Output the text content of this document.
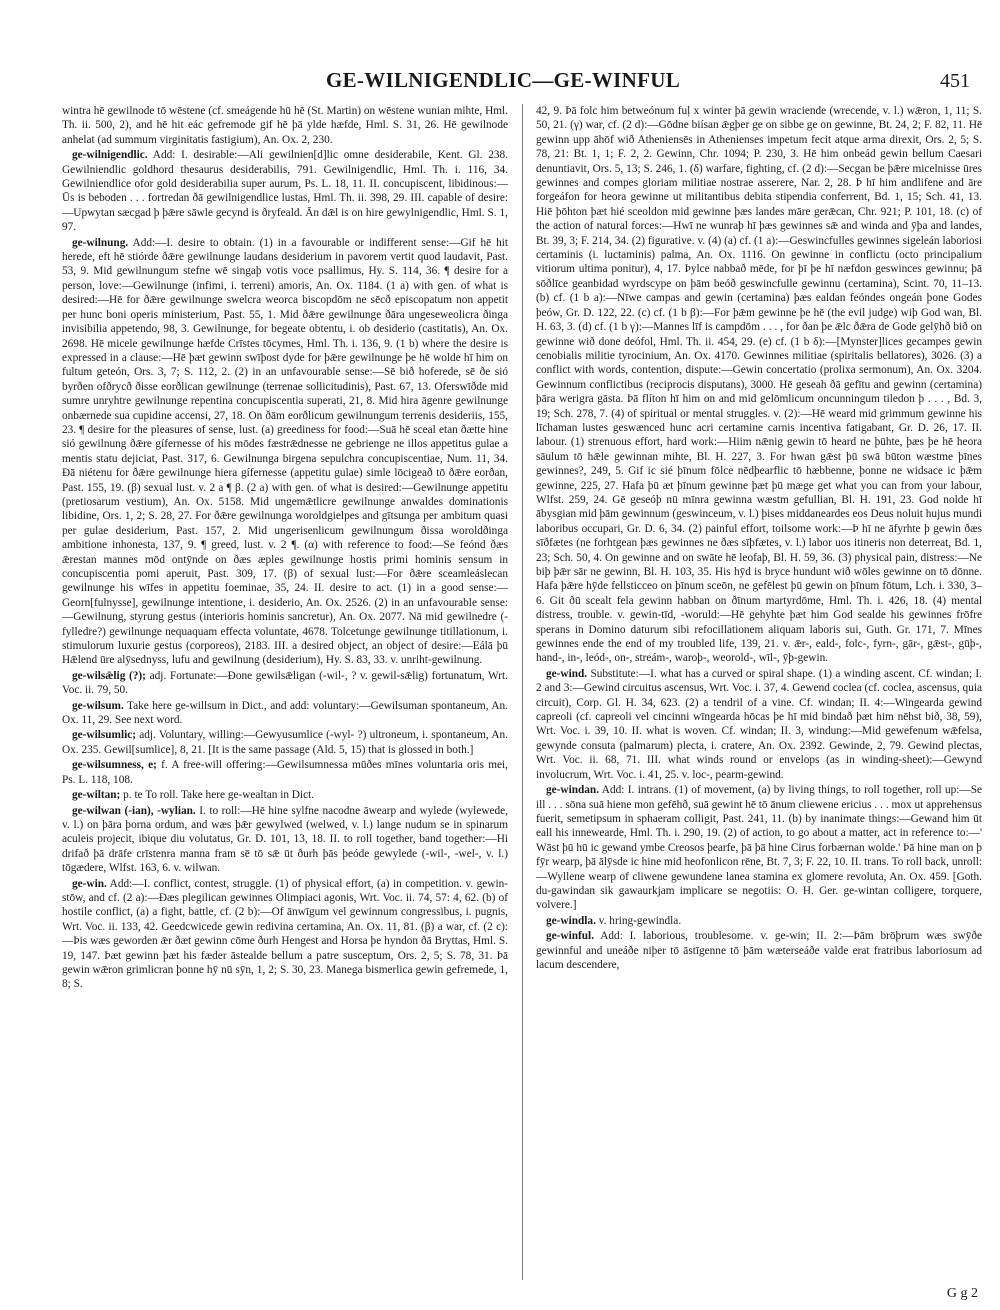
GE-WILNIGENDLIC—GE-WINFUL	451

wintra hē gewilnode tō wēstene (cf. smeágende hū hē (St. Martin) on wēstene wunian mihte, Hml. Th. ii. 500, 2), and hē hit eác gefremode gif hē þā ylde hæfde, Hml. S. 31, 26. Hē gewilnode anhelat (ad summum virginitatis fastigium), An. Ox. 2, 230.

ge-wilnigendlic. Add: I. desirable:—Ali gewilnien[d]lic omne desiderabile, Kent. Gl. 238. Gewilniendlic goldhord thesaurus desiderabilis, 791. Gewilnigendlic, Hml. Th. i. 116, 34. Gewilniendlice ofor gold desiderabilia super aurum, Ps. L. 18, 11. II. concupiscent, libidinous:—Ūs is beboden . . . fortredan ðā gewilnigendlice lustas, Hml. Th. ii. 398, 29. III. capable of desire:—Upwytan sæcgad þ þǣre sāwle gecynd is ðryfeald. Ān dǣl is on hire gewylnigendlic, Hml. S. 1, 97.

ge-wilnung. Add:—I. desire to obtain. (1) in a favourable or indifferent sense:—Gif hē hit herede, eft hē stiórde ðǣre gewilnunge laudans desiderium in pavorem vertit quod laudavit, Past. 53, 9. Mid gewilnungum stefne wē singaþ votis voce psallimus, Hy. S. 114, 36. ¶ desire for a person, love:—Gewilnunge (infimi, i. terreni) amoris, An. Ox. 1184. (1 a) with gen. of what is desired:—Hē for ðǣre gewilnunge swelcra weorca biscopdōm ne sēcð episcopatum non appetit per hunc boni operis ministerium, Past. 55, 1. Mid ðǣre gewilnunge ðāra ungeseweolicra ðinga invisibilia appetendo, 98, 3. Gewilnunge, for begeate obtentu, i. ob desiderio (castitatis), An. Ox. 2698. Hē micele gewilnunge hæfde Crīstes tōcymes, Hml. Th. i. 136, 9. (1 b) where the desire is expressed in a clause:—Hē þæt gewinn swīþost dyde for þǣre gewilnunge þe hē wolde hī him on fultum geteón, Ors. 3, 7; S. 112, 2. (2) in an unfavourable sense:—Sē bið hoferede, sē ðe sió byrðen ofðrycð ðisse eorðlican gewilnunge (terrenae sollicitudinis), Past. 67, 13. Oferswīðde mid sumre unryhtre gewilnunge repentina concupiscentia superati, 21, 8. Mid hira āgenre gewilnunge onbærnede sua cupidine accensi, 27, 18. On ðām eorðlicum gewilnungum terrenis desideriis, 155, 23. ¶ desire for the pleasures of sense, lust. (a) greediness for food:—Suā hē sceal etan ðætte hine sió gewilnung ðǣre gífernesse of his mōdes fæstrǣdnesse ne gebrienge ne illos appetitus gulae a mentis statu dejiciat, Past. 317, 6. Gewilnunga birgena sepulchra concupiscentiae, Num. 11, 34. Ðā niétenu for ðǣre gewilnunge hiera gífernesse (appetitu gulae) simle lōcigeað tō ðǣre eorðan, Past. 155, 19. (β) sexual lust. v. 2 a ¶ β. (2 a) with gen. of what is desired:—Gewilnunge appetitu (pretiosarum vestium), An. Ox. 5158. Mid ungemǣtlicre gewilnunge anwaldes dominationis libidine, Ors. 1, 2; S. 28, 27. For ðǣre gewilnunga woroldgielpes and gītsunga per ambitum quasi per gulae desiderium, Past. 157, 2. Mid ungerisenlicum gewilnungum ðissa woroldðinga ambitione inhonesta, 137, 9. ¶ greed, lust. v. 2 ¶. (α) with reference to food:—Se feónd ðæs ǣrestan mannes mōd ontȳnde on ðæs æples gewilnunge hostis primi hominis sensum in concupiscentia pomi aperuit, Past. 309, 17. (β) of sexual lust:—For ðǣre sceamleáslecan gewilnunge his wīfes in appetitu foeminae, 35, 24. II. desire to act. (1) in a good sense:—Georn[fulnysse], gewilnunge intentione, i. desiderio, An. Ox. 2526. (2) in an unfavourable sense:—Gewilnung, styrung gestus (interioris hominis sancretur), An. Ox. 2077. Nā mid gewilnedre (-fylledre?) gewilnunge nequaquam effecta voluntate, 4678. Tolcetunge gewilnunge titillationum, i. stimulorum luxurie gestus (corporeos), 2183. III. a desired object, an object of desire:—Eálā þū Hǣlend ūre alȳsednyss, lufu and gewilnung (desiderium), Hy. S. 83, 33. v. unriht-gewilnung.

ge-wilsǣlig (?); adj. Fortunate:—Đone gewilsǣligan (-wil-, ? v. gewil-sǣlig) fortunatum, Wrt. Voc. ii. 79, 50.

ge-wilsum. Take here ge-willsum in Dict., and add: voluntary:—Gewilsuman spontaneum, An. Ox. 11, 29. See next word.

ge-wilsumlic; adj. Voluntary, willing:—Gewyusumlice (-wyl- ?) ultroneum, i. spontaneum, An. Ox. 235. Gewil[sumlice], 8, 21. [It is the same passage (Ald. 5, 15) that is glossed in both.]

ge-wilsumness, e; f. A free-will offering:—Gewilsumnessa mūðes mīnes voluntaria oris mei, Ps. L. 118, 108.

ge-wiltan; p. te To roll. Take here ge-wealtan in Dict.

ge-wilwan (-ian), -wylian. I. to roll:—Hē hine sylfne nacodne āwearp and wylede (wylewede, v. l.) on þāra þorna ordum, and wæs þǣr gewylwed (welwed, v. l.) lange nudum se in spinarum aculeis projecit, ibique diu volutatus, Gr. D. 101, 13, 18. II. to roll together, band together:—Hi drifað þā drāfe crīstenra manna fram sē tō sǣ ūt ðurh þās þeóde gewylede (-wil-, -wel-, v. l.) tōgædere, Wlfst. 163, 6. v. wilwan.

ge-win. Add:—I. conflict, contest, struggle. (1) of physical effort, (a) in competition. v. gewin-stōw, and cf. (2 a):—Đæs plegilican gewinnes Olimpiaci agonis, Wrt. Voc. ii. 74, 57: 4, 62. (b) of hostile conflict, (a) a fight, battle, cf. (2 b):—Of ānwīgum vel gewinnum congressibus, i. pugnis, Wrt. Voc. ii. 133, 42. Geedcwicede gewin redivina certamina, An. Ox. 11, 81. (β) a war, cf. (2 c):—Þis wæs geworden ǣr ðæt gewinn cōme ðurh Hengest and Horsa þe hyndon ðā Bryttas, Hml. S. 19, 147. Þæt gewinn þæt his fæder āstealde bellum a patre susceptum, Ors. 2, 5; S. 78, 31. Þā gewin wǣron grimlicran þonne hȳ nū sȳn, 1, 2; S. 30, 23. Manega bismerlica gewin gefremede, 1, 8; S.

42, 9. Þā folc him betweónum fuļ x winter þā gewin wraciende (wrecende, v. l.) wǣron, 1, 11; S. 50, 21. (γ) war, cf. (2 d):—Gōdne biísan ǣgþer ge on sibbe ge on gewinne, Bt. 24, 2; F. 82, 11. Hē gewinn upp āhōf wið Atheniensēs in Athenienses impetum fecit atque arma direxit, Ors. 2, 5; S. 78, 21: Bt. 1, 1; F. 2, 2. Gewinn, Chr. 1094; P. 230, 3. Hē him onbeád gewin bellum Caesari denuntiavit, Ors. 5, 13; S. 246, 1. (δ) warfare, fighting, cf. (2 d):—Secgan be þǣre micelnisse ūres gewinnes and compes gloriam militiae nostrae asserere, Nar. 2, 28. Þ hī him andlifene and āre forgeáfon for heora gewinne ut militantibus debita stipendia conferrent, Bd. 1, 15; Sch. 41, 13. Hiē þōhton þæt hié sceoldon mid gewinne þæs landes māre gerǣcan, Chr. 921; P. 101, 18. (c) of the action of natural forces:—Hwī ne wunraþ hī þæs gewinnes sǣ and winda and ȳþa and landes, Bt. 39, 3; F. 214, 34. (2) figurative. v. (4) (a) cf. (1 a):—Geswincfulles gewinnes sigeleán laboriosi certaminis (i. luctaminis) palma, An. Ox. 1116. On gewinne in conflictu (octo principalium vitiorum ultima ponitur), 4, 17. Þylce nabbað mēde, for þī þe hī næfdon geswinces gewinnu; þā sōðlīce geanbidad wyrdscype on þām beóð geswincfulle gewinnu (certamina), Scint. 70, 11–13. (b) cf. (1 b a):—Nīwe campas and gewin (certamina) þæs ealdan feóndes ongeán þone Godes þeów, Gr. D. 122, 22. (c) cf. (1 b β):—For þǣm gewinne þe hē (the evil judge) wiþ God wan, Bl. H. 63, 3. (d) cf. (1 b γ):—Mannes līf is campdōm . . . , for ðan þe ǣlc ðǣra de Gode gelȳhð bið on gewinne wið done deófol, Hml. Th. ii. 454, 29. (e) cf. (1 b δ):—[Mynster]lices gecampes gewin cenobialis militie tyrocinium, An. Ox. 4170. Gewinnes militiae (spiritalis bellatores), 3026. (3) a conflict with words, contention, dispute:—Gewin concertatio (prolixa sermonum), An. Ox. 3204. Gewinnum conflictibus (reciprocis disputans), 3000. Hē geseah ðā gefītu and gewinn (certamina) þāra werigra gāsta. Þā flíton hī him on and mid gelōmlicum oncunningum tiledon þ . . . , Bd. 3, 19; Sch. 278, 7. (4) of spiritual or mental struggles. v. (2):—Hē weard mid grimmum gewinne his līchaman lustes geswænced hunc acri certamine carnis incentiva fatigabant, Gr. D. 26, 17. II. labour. (1) strenuous effort, hard work:—Hiim nǣnig gewin tō heard ne þūhte, þæs þe hē heora sāulum tō hǣle gewinnan mihte, Bl. H. 227, 3. For hwan gǣst þū swā būton wæstme þīnes gewinnes?, 249, 5. Gif ic sié þīnum fōlce nēdþearflic tō hæbbenne, þonne ne widsace ic þǣm gewinne, 225, 27. Hafa þū æt þīnum gewinne þæt þū mæge get what you can from your labour, Wlfst. 259, 24. Gē geseóþ nū mīnra gewinna wæstm gefullian, Bl. H. 191, 23. God nolde hī ābysgian mid þām gewinnum (geswinceum, v. l.) þises middaneardes eos Deus noluit hujus mundi laboribus occupari, Gr. D. 6, 34. (2) painful effort, toilsome work:—Þ hī ne āfyrhte þ gewin ðæs sīðfætes (ne forhtgean þæs gewinnes ne ðæs sīþfætes, v. l.) labor uos itineris non deterreat, Bd. 1, 23; Sch. 50, 4. On gewinne and on swāte hē leofaþ, Bl. H. 59, 36. (3) physical pain, distress:—Ne biþ þǣr sār ne gewinn, Bl. H. 103, 35. His hȳd is bryce hundunt wið wōles gewinne on tō dōnne. Hafa þǣre hȳde fellsticceo on þīnum sceōn, ne gefēlest þū gewin on þīnum fōtum, Lch. i. 330, 3–6. Git ðū scealt fela gewinn habban on ðīnum martyrdōme, Hml. Th. i. 426, 18. (4) mental distress, trouble. v. gewin-tīd, -woruld:—Hē gehyhte þæt him God sealde his gewinnes frōfre sperans in Domino daturum sibi refocillationem aliquam laboris sui, Guth. Gr. 171, 7. Mīnes gewinnes ende the end of my troubled life, 139, 21. v. ǣr-, eald-, folc-, fyrn-, gār-, gǣst-, gūþ-, hand-, in-, leód-, on-, streám-, waroþ-, weorold-, wīl-, ȳþ-gewin.

ge-wind. Substitute:—I. what has a curved or spiral shape. (1) a winding ascent. Cf. windan; I. 2 and 3:—Gewind circuitus ascensus, Wrt. Voc. i. 37, 4. Gewend coclea (cf. coclea, ascensus, quia circuit), Corp. Gl. H. 34, 623. (2) a tendril of a vine. Cf. windan; II. 4:—Wingearda gewind capreoli (cf. capreoli vel cincinni wīngearda hōcas þe hī mid bindað þæt him nēhst bið, 38, 59), Wrt. Voc. i. 39, 10. II. what is woven. Cf. windan; II. 3, windung:—Mid gewefenum wǣfelsa, gewynde consuta (palmarum) plecta, i. cratere, An. Ox. 2392. Gewinde, 2, 79. Gewind plectas, Wrt. Voc. ii. 68, 71. III. what winds round or envelops (as in winding-sheet):—Gewynd involucrum, Wrt. Voc. i. 41, 25. v. loc-, pearm-gewind.

ge-windan. Add: I. intrans. (1) of movement, (a) by living things, to roll together, roll up:—Se ill . . . sōna suā hiene mon gefēhð, suā gewint hē tō ānum cliewene ericius . . . mox ut apprehensus fuerit, semetipsum in sphaeram colligit, Past. 241, 11. (b) by inanimate things:—Gewand him ūt eall his inneweardе, Hml. Th. i. 290, 19. (2) of action, to go about a matter, act in reference to:—' Wāst þū hū ic gewand ymbe Creosos þearfe, þā þā hine Cirus forbærnan wolde.' Þā hine man on þ fȳr wearp, þā ālȳsde ic hine mid heofonlicon rēne, Bt. 7, 3; F. 22, 10. II. trans. To roll back, unroll:—Wyllene wearp of cliwene gewundene lanea stamina ex glomere revoluta, An. Ox. 459. [Goth. du-gawindan sik gawaurkjam implicare se negotiis: O. H. Ger. ge-wintan colligere, torquere, volvere.]

ge-windla. v. hring-gewindla.

ge-winful. Add: I. laborious, troublesome. v. ge-win; II. 2:—Þām brōþrum wæs swȳðe gewinnful and uneáðe niþer tō āstīgenne tō þām wæterseáðe valde erat fratribus laboriosum ad lacum descendere,

G g 2
